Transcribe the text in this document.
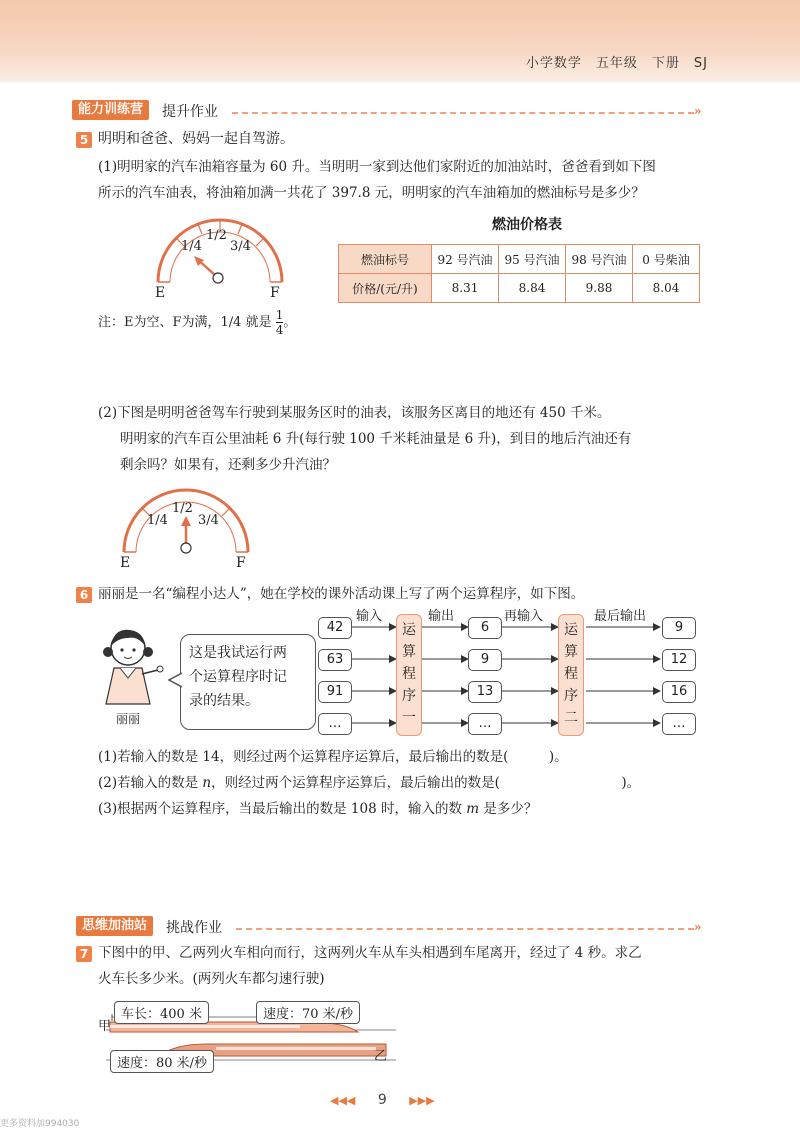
小学数学　五年级　下册　SJ
能力训练营	提升作业	»
5 明明和爸爸、妈妈一起自驾游。
(1)明明家的汽车油箱容量为 60 升。当明明一家到达他们家附近的加油站时，爸爸看到如下图
所示的汽车油表，将油箱加满一共花了 397.8 元，明明家的汽车油箱加的燃油标号是多少？
1/4
1/2
3/4
E	F
注：E为空、F为满，1/4 就是 $\frac{1}{4}$ 。
燃油价格表
燃油标号	92 号汽油	95 号汽油	98 号汽油	0 号柴油
价格/(元/升)	8.31	8.84	9.88	8.04
(2)下图是明明爸爸驾车行驶到某服务区时的油表，该服务区离目的地还有 450 千米。
明明家的汽车百公里油耗 6 升(每行驶 100 千米耗油量是 6 升)，到目的地后汽油还有
剩余吗？如果有，还剩多少升汽油？
1/4
1/2
3/4
E	F
6 丽丽是一名“编程小达人”，她在学校的课外活动课上写了两个运算程序，如下图。
丽丽
这是我试运行两
个运算程序时记
录的结果。
输入	输出	再输入	最后输出
42
63
91
…
运
算
程
序
一
6
9
13
…
运
算
程
序
二
9
12
16
…
(1)若输入的数是 14，则经过两个运算程序运算后，最后输出的数是(　　　)。
(2)若输入的数是 n，则经过两个运算程序运算后，最后输出的数是(　　　　　　　　　)。
(3)根据两个运算程序，当最后输出的数是 108 时，输入的数 m 是多少？
思维加油站	挑战作业	»
7 下图中的甲、乙两列火车相向而行，这两列火车从车头相遇到车尾离开，经过了 4 秒。求乙
火车长多少米。(两列火车都匀速行驶)
甲
乙
车长：400 米	速度：70 米/秒
速度：80 米/秒
◀◀◀ 9 ▶▶▶
更多资料加994030
